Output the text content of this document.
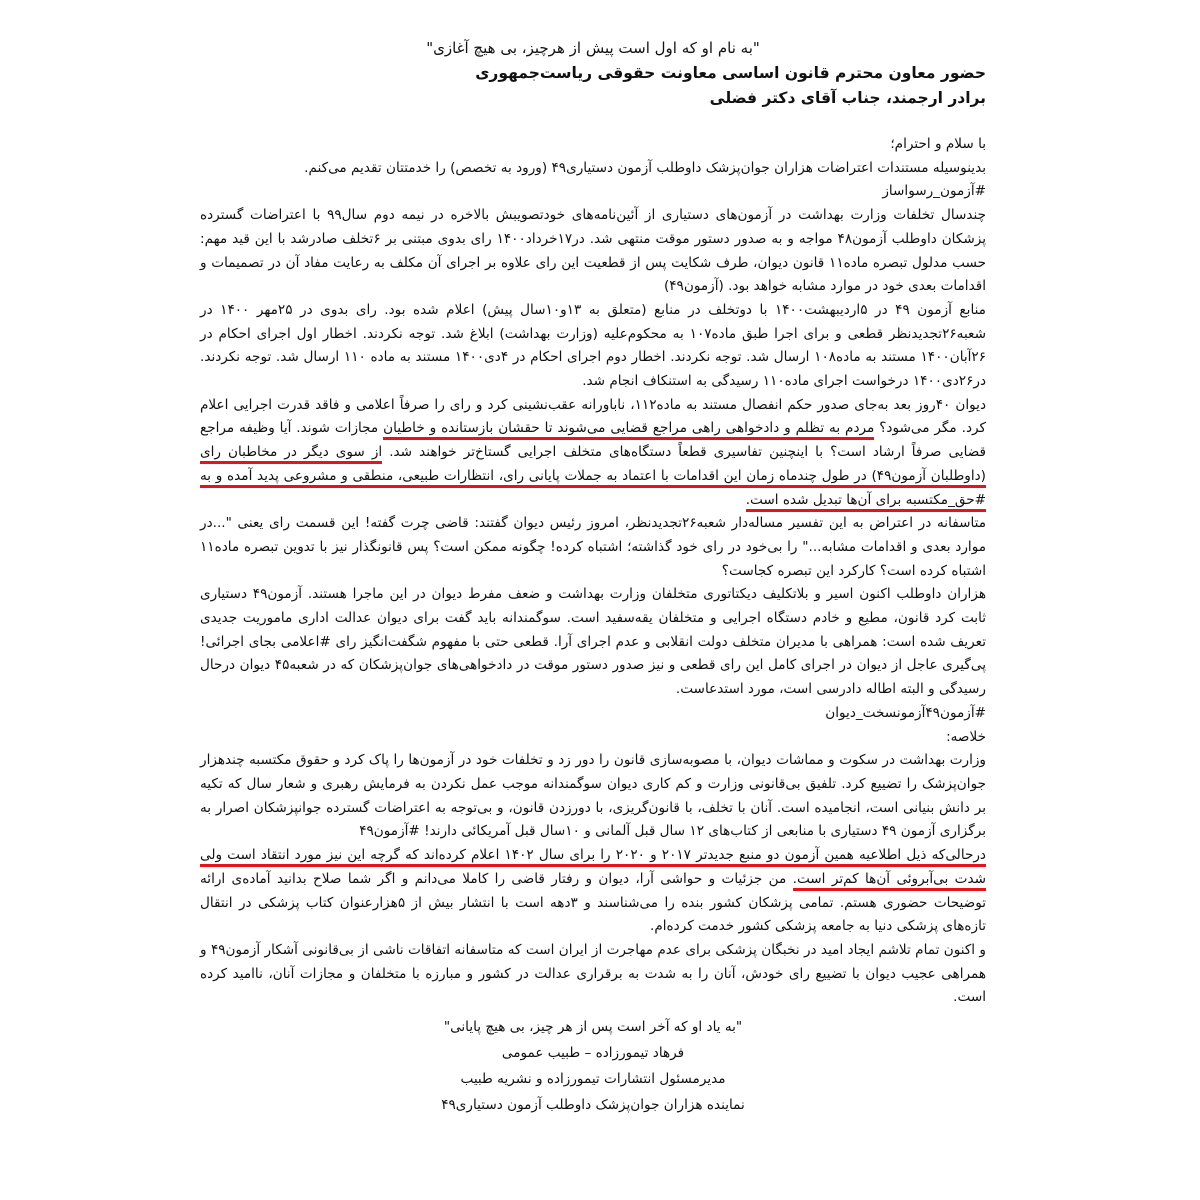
"به نام او که اول است پیش از هرچیز، بی هیچ آغازی"

حضور معاون محترم قانون اساسی معاونت حقوقی ریاست‌جمهوری

برادر ارجمند، جناب آقای دکتر فضلی

با سلام و احترام؛

بدینوسیله مستندات اعتراضات هزاران جوان‌پزشک داوطلب آزمون دستیاری۴۹ (ورود به تخصص) را خدمتتان تقدیم می‌کنم.

#آزمون_رسواساز

چندسال تخلفات وزارت بهداشت در آزمون‌های دستیاری از آئین‌نامه‌های خودتصویبش بالاخره در نیمه دوم سال۹۹ با اعتراضات گسترده پزشکان داوطلب آزمون۴۸ مواجه و به صدور دستور موقت منتهی شد. در۱۷خرداد۱۴۰۰ رای بدوی مبتنی بر ۶تخلف صادرشد با این قید مهم: حسب مدلول تبصره ماده۱۱ قانون دیوان، طرف شکایت پس از قطعیت این رای علاوه بر اجرای آن مکلف به رعایت مفاد آن در تصمیمات و اقدامات بعدی خود در موارد مشابه خواهد بود. (آزمون۴۹)

منابع آزمون ۴۹ در ۵اردیبهشت۱۴۰۰ با دوتخلف در منابع (متعلق به ۱۳و۱۰سال پیش) اعلام شده بود. رای بدوی در ۲۵مهر ۱۴۰۰ در شعبه۲۶تجدیدنظر قطعی و برای اجرا طبق ماده۱۰۷ به محکوم‌علیه (وزارت بهداشت) ابلاغ شد. توجه نکردند. اخطار اول اجرای احکام در ۲۶آبان۱۴۰۰ مستند به ماده۱۰۸ ارسال شد. توجه نکردند. اخطار دوم اجرای احکام در ۴دی۱۴۰۰ مستند به ماده ۱۱۰ ارسال شد. توجه نکردند. در۲۶دی۱۴۰۰ درخواست اجرای ماده۱۱۰ رسیدگی به استنکاف انجام شد.

دیوان ۴۰روز بعد به‌جای صدور حکم انفصال مستند به ماده۱۱۲، ناباورانه عقب‌نشینی کرد و رای را صرفاً اعلامی و فاقد قدرت اجرایی اعلام کرد. مگر می‌شود؟ مردم به تظلم و دادخواهی راهی مراجع قضایی می‌شوند تا حقشان بازستانده و خاطیان مجازات شوند. آیا وظیفه مراجع قضایی صرفاً ارشاد است؟ با اینچنین تفاسیری قطعاً دستگاه‌های متخلف اجرایی گستاخ‌تر خواهند شد. از سوی دیگر در مخاطبان رای (داوطلبان آزمون۴۹) در طول چندماه زمان این اقدامات با اعتماد به جملات پایانی رای، انتظارات طبیعی، منطقی و مشروعی پدید آمده و به #حق_مکتسبه برای آن‌ها تبدیل شده است.

متاسفانه در اعتراض به این تفسیر مساله‌دار شعبه۲۶تجدیدنظر، امروز رئیس دیوان گفتند: قاضی چرت گفته! این قسمت رای یعنی "...در موارد بعدی و اقدامات مشابه..." را بی‌خود در رای خود گذاشته؛ اشتباه کرده! چگونه ممکن است؟ پس قانونگذار نیز با تدوین تبصره ماده۱۱ اشتباه کرده است؟ کارکرد این تبصره کجاست؟

هزاران داوطلب اکنون اسیر و بلاتکلیف دیکتاتوری متخلفان وزارت بهداشت و ضعف مفرط دیوان در این ماجرا هستند. آزمون۴۹ دستیاری ثابت کرد قانون، مطیع و خادم دستگاه اجرایی و متخلفان یقه‌سفید است. سوگمندانه باید گفت برای دیوان عدالت اداری ماموریت جدیدی تعریف شده است: همراهی با مدیران متخلف دولت انقلابی و عدم اجرای آرا. قطعی حتی با مفهوم شگفت‌انگیز رای #اعلامی بجای اجرائی! پی‌گیری عاجل از دیوان در اجرای کامل این رای قطعی و نیز صدور دستور موقت در دادخواهی‌های جوان‌پزشکان که در شعبه۴۵ دیوان درحال رسیدگی و البته اطاله دادرسی است، مورد استدعاست.

#آزمون۴۹آزمونسخت_دیوان

خلاصه:

وزارت بهداشت در سکوت و مماشات دیوان، با مصوبه‌سازی قانون را دور زد و تخلفات خود در آزمون‌ها را پاک کرد و حقوق مکتسبه چندهزار جوان‌پزشک را تضییع کرد. تلفیق بی‌قانونی وزارت و کم کاری دیوان سوگمندانه موجب عمل نکردن به فرمایش رهبری و شعار سال که تکیه بر دانش بنیانی است، انجامیده است. آنان با تخلف، با قانون‌گریزی، با دورزدن قانون، و بی‌توجه به اعتراضات گسترده جوانپزشکان اصرار به برگزاری آزمون ۴۹ دستیاری با منابعی از کتاب‌های ۱۲ سال قبل آلمانی و ۱۰سال قبل آمریکائی دارند! #آزمون۴۹

درحالی‌که ذیل اطلاعیه همین آزمون دو منبع جدیدتر ۲۰۱۷ و ۲۰۲۰ را برای سال ۱۴۰۲ اعلام کرده‌اند که گرچه این نیز مورد انتقاد است ولی شدت بی‌آبروئی آن‌ها کم‌تر است. من جزئیات و حواشی آرا، دیوان و رفتار قاضی را کاملا می‌دانم و اگر شما صلاح بدانید آماده‌ی ارائه توضیحات حضوری هستم. تمامی پزشکان کشور بنده را می‌شناسند و ۳دهه است با انتشار بیش از ۵هزارعنوان کتاب پزشکی در انتقال تازه‌های پزشکی دنیا به جامعه پزشکی کشور خدمت کرده‌ام.

و اکنون تمام تلاشم ایجاد امید در نخبگان پزشکی برای عدم مهاجرت از ایران است که متاسفانه اتفاقات ناشی از بی‌قانونی آشکار آزمون۴۹ و همراهی عجیب دیوان با تضییع رای خودش، آنان را به شدت به برقراری عدالت در کشور و مبارزه با متخلفان و مجازات آنان، ناامید کرده است.

"به یاد او که آخر است پس از هر چیز، بی هیچ پایانی"

فرهاد تیمورزاده – طبیب عمومی

مدیرمسئول انتشارات تیمورزاده و نشریه طبیب

نماینده هزاران جوان‌پزشک داوطلب آزمون دستیاری۴۹
